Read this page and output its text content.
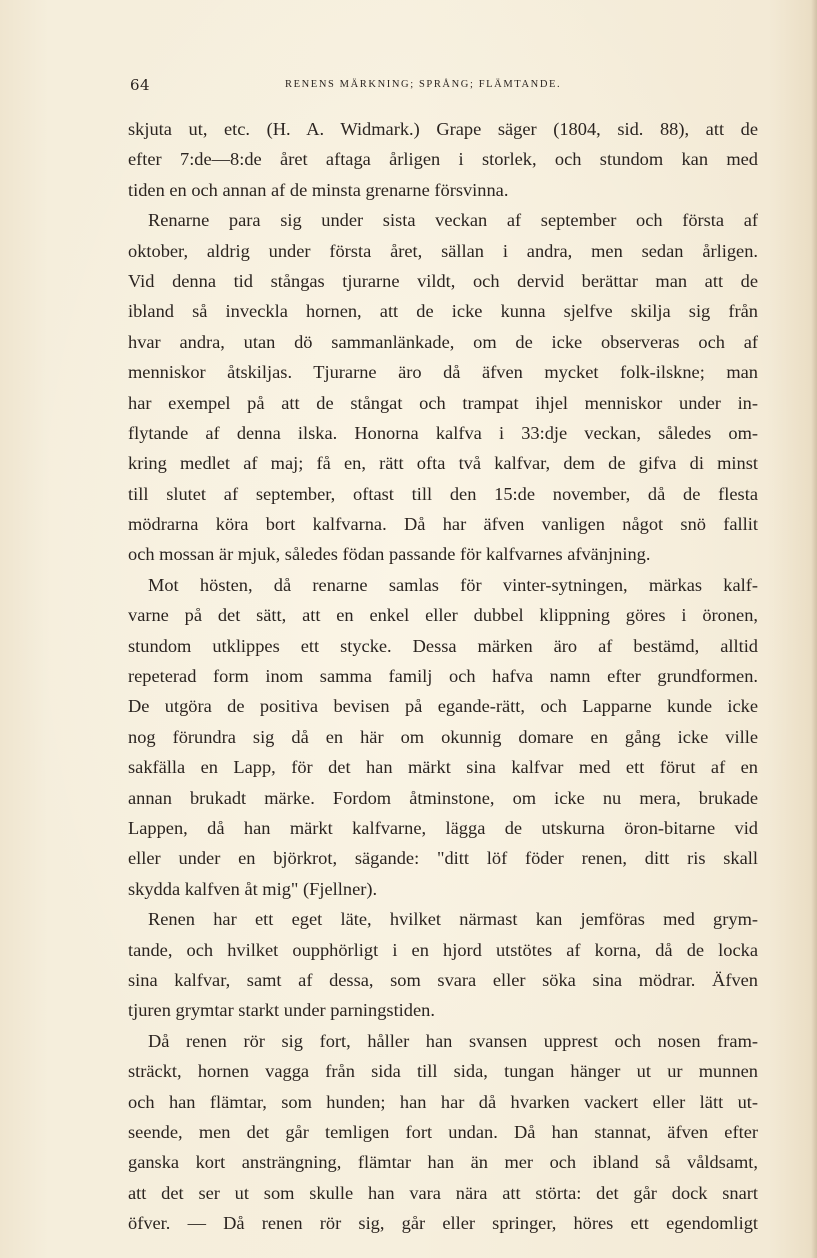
64	RENENS MÄRKNING; SPRÅNG; FLÄMTANDE.
skjuta ut, etc. (H. A. Widmark.) Grape säger (1804, sid. 88), att de
efter 7:de—8:de året aftaga årligen i storlek, och stundom kan med
tiden en och annan af de minsta grenarne försvinna.
Renarne para sig under sista veckan af september och första af
oktober, aldrig under första året, sällan i andra, men sedan årligen.
Vid denna tid stångas tjurarne vildt, och dervid berättar man att de
ibland så inveckla hornen, att de icke kunna sjelfve skilja sig från
hvar andra, utan dö sammanlänkade, om de icke observeras och af
menniskor åtskiljas. Tjurarne äro då äfven mycket folk-ilskne; man
har exempel på att de stångat och trampat ihjel menniskor under in-
flytande af denna ilska. Honorna kalfva i 33:dje veckan, således om-
kring medlet af maj; få en, rätt ofta två kalfvar, dem de gifva di minst
till slutet af september, oftast till den 15:de november, då de flesta
mödrarna köra bort kalfvarna. Då har äfven vanligen något snö fallit
och mossan är mjuk, således födan passande för kalfvarnes afvänjning.
Mot hösten, då renarne samlas för vinter-sytningen, märkas kalf-
varne på det sätt, att en enkel eller dubbel klippning göres i öronen,
stundom utklippes ett stycke. Dessa märken äro af bestämd, alltid
repeterad form inom samma familj och hafva namn efter grundformen.
De utgöra de positiva bevisen på egande-rätt, och Lapparne kunde icke
nog förundra sig då en här om okunnig domare en gång icke ville
sakfälla en Lapp, för det han märkt sina kalfvar med ett förut af en
annan brukadt märke. Fordom åtminstone, om icke nu mera, brukade
Lappen, då han märkt kalfvarne, lägga de utskurna öron-bitarne vid
eller under en björkrot, sägande: "ditt löf föder renen, ditt ris skall
skydda kalfven åt mig" (Fjellner).
Renen har ett eget läte, hvilket närmast kan jemföras med grym-
tande, och hvilket oupphörligt i en hjord utstötes af korna, då de locka
sina kalfvar, samt af dessa, som svara eller söka sina mödrar. Äfven
tjuren grymtar starkt under parningstiden.
Då renen rör sig fort, håller han svansen upprest och nosen fram-
sträckt, hornen vagga från sida till sida, tungan hänger ut ur munnen
och han flämtar, som hunden; han har då hvarken vackert eller lätt ut-
seende, men det går temligen fort undan. Då han stannat, äfven efter
ganska kort ansträngning, flämtar han än mer och ibland så våldsamt,
att det ser ut som skulle han vara nära att störta: det går dock snart
öfver. — Då renen rör sig, går eller springer, höres ett egendomligt
